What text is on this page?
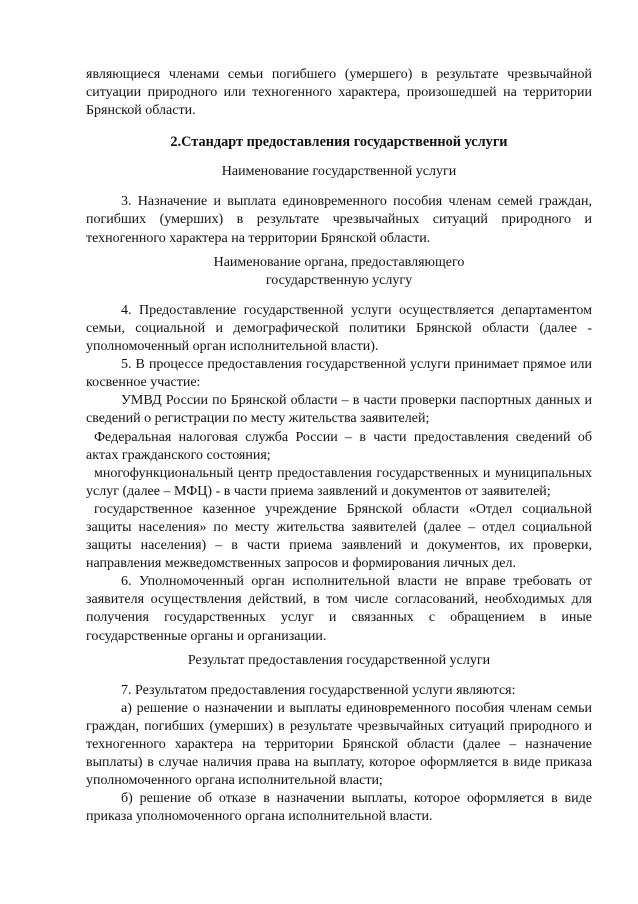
являющиеся членами семьи погибшего (умершего) в результате чрезвычайной ситуации природного или техногенного характера, произошедшей на территории Брянской области.

2.Стандарт предоставления государственной услуги
Наименование государственной услуги

3. Назначение и выплата единовременного пособия членам семей граждан, погибших (умерших) в результате чрезвычайных ситуаций природного и техногенного характера на территории Брянской области.

Наименование органа, предоставляющего
государственную услугу

4. Предоставление государственной услуги осуществляется департаментом семьи, социальной и демографической политики Брянской области (далее - уполномоченный орган исполнительной власти).

5. В процессе предоставления государственной услуги принимает прямое или косвенное участие:

УМВД России по Брянской области – в части проверки паспортных данных и сведений о регистрации по месту жительства заявителей;

Федеральная налоговая служба России – в части предоставления сведений об актах гражданского состояния;

многофункциональный центр предоставления государственных и муниципальных услуг (далее – МФЦ) - в части приема заявлений и документов от заявителей;

государственное казенное учреждение Брянской области «Отдел социальной защиты населения» по месту жительства заявителей (далее – отдел социальной защиты населения) – в части приема заявлений и документов, их проверки, направления межведомственных запросов и формирования личных дел.

6. Уполномоченный орган исполнительной власти не вправе требовать от заявителя осуществления действий, в том числе согласований, необходимых для получения государственных услуг и связанных с обращением в иные государственные органы и организации.

Результат предоставления государственной услуги

7. Результатом предоставления государственной услуги являются:

а) решение о назначении и выплаты единовременного пособия членам семьи граждан, погибших (умерших) в результате чрезвычайных ситуаций природного и техногенного характера на территории Брянской области (далее – назначение выплаты) в случае наличия права на выплату, которое оформляется в виде приказа уполномоченного органа исполнительной власти;

б) решение об отказе в назначении выплаты, которое оформляется в виде приказа уполномоченного органа исполнительной власти.
